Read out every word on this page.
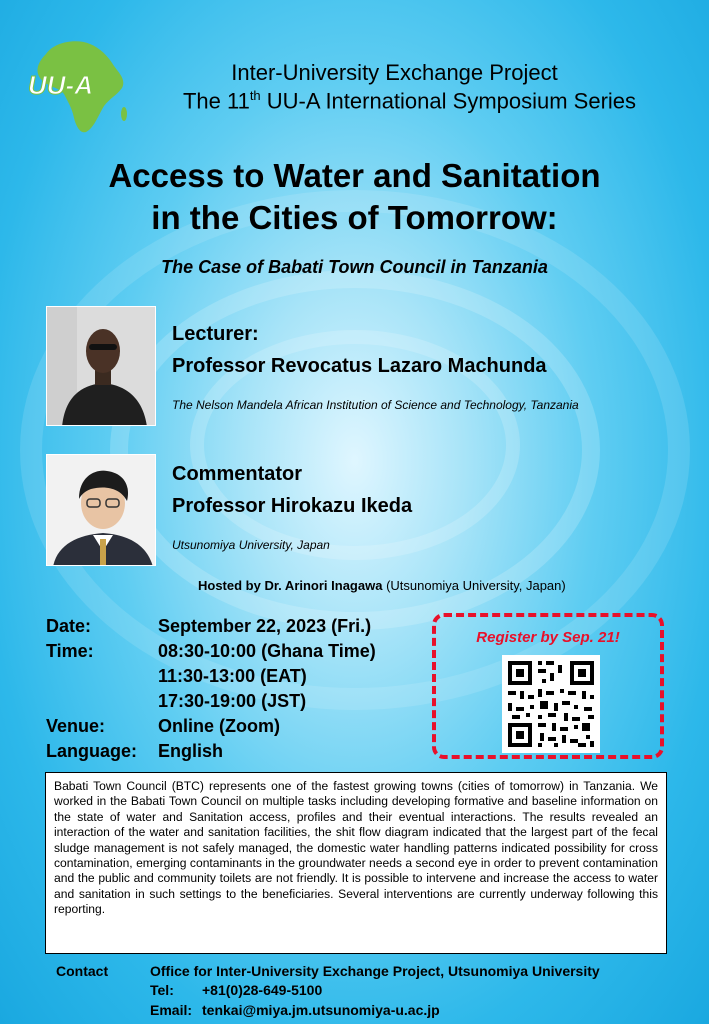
UU-A	Inter-University Exchange Project
The 11th UU-A International Symposium Series
Access to Water and Sanitation
in the Cities of Tomorrow:
The Case of Babati Town Council in Tanzania
Lecturer:
Professor Revocatus Lazaro Machunda
The Nelson Mandela African Institution of Science and Technology, Tanzania
Commentator
Professor Hirokazu Ikeda
Utsunomiya University, Japan
Hosted by Dr. Arinori Inagawa (Utsunomiya University, Japan)
Date:	September 22, 2023 (Fri.)
Time:	08:30-10:00 (Ghana Time)
11:30-13:00 (EAT)
17:30-19:00 (JST)
Venue:	Online (Zoom)
Language: English
Register by Sep. 21!
Babati Town Council (BTC) represents one of the fastest growing towns (cities of tomorrow) in Tanzania. We worked in the Babati Town Council on multiple tasks including developing formative and baseline information on the state of water and Sanitation access, profiles and their eventual interactions. The results revealed an interaction of the water and sanitation facilities, the shit flow diagram indicated that the largest part of the fecal sludge management is not safely managed, the domestic water handling patterns indicated possibility for cross contamination, emerging contaminants in the groundwater needs a second eye in order to prevent contamination and the public and community toilets are not friendly. It is possible to intervene and increase the access to water and sanitation in such settings to the beneficiaries. Several interventions are currently underway following this reporting.
Contact	Office for Inter-University Exchange Project, Utsunomiya University
Tel: +81(0)28-649-5100
Email: tenkai@miya.jm.utsunomiya-u.ac.jp
